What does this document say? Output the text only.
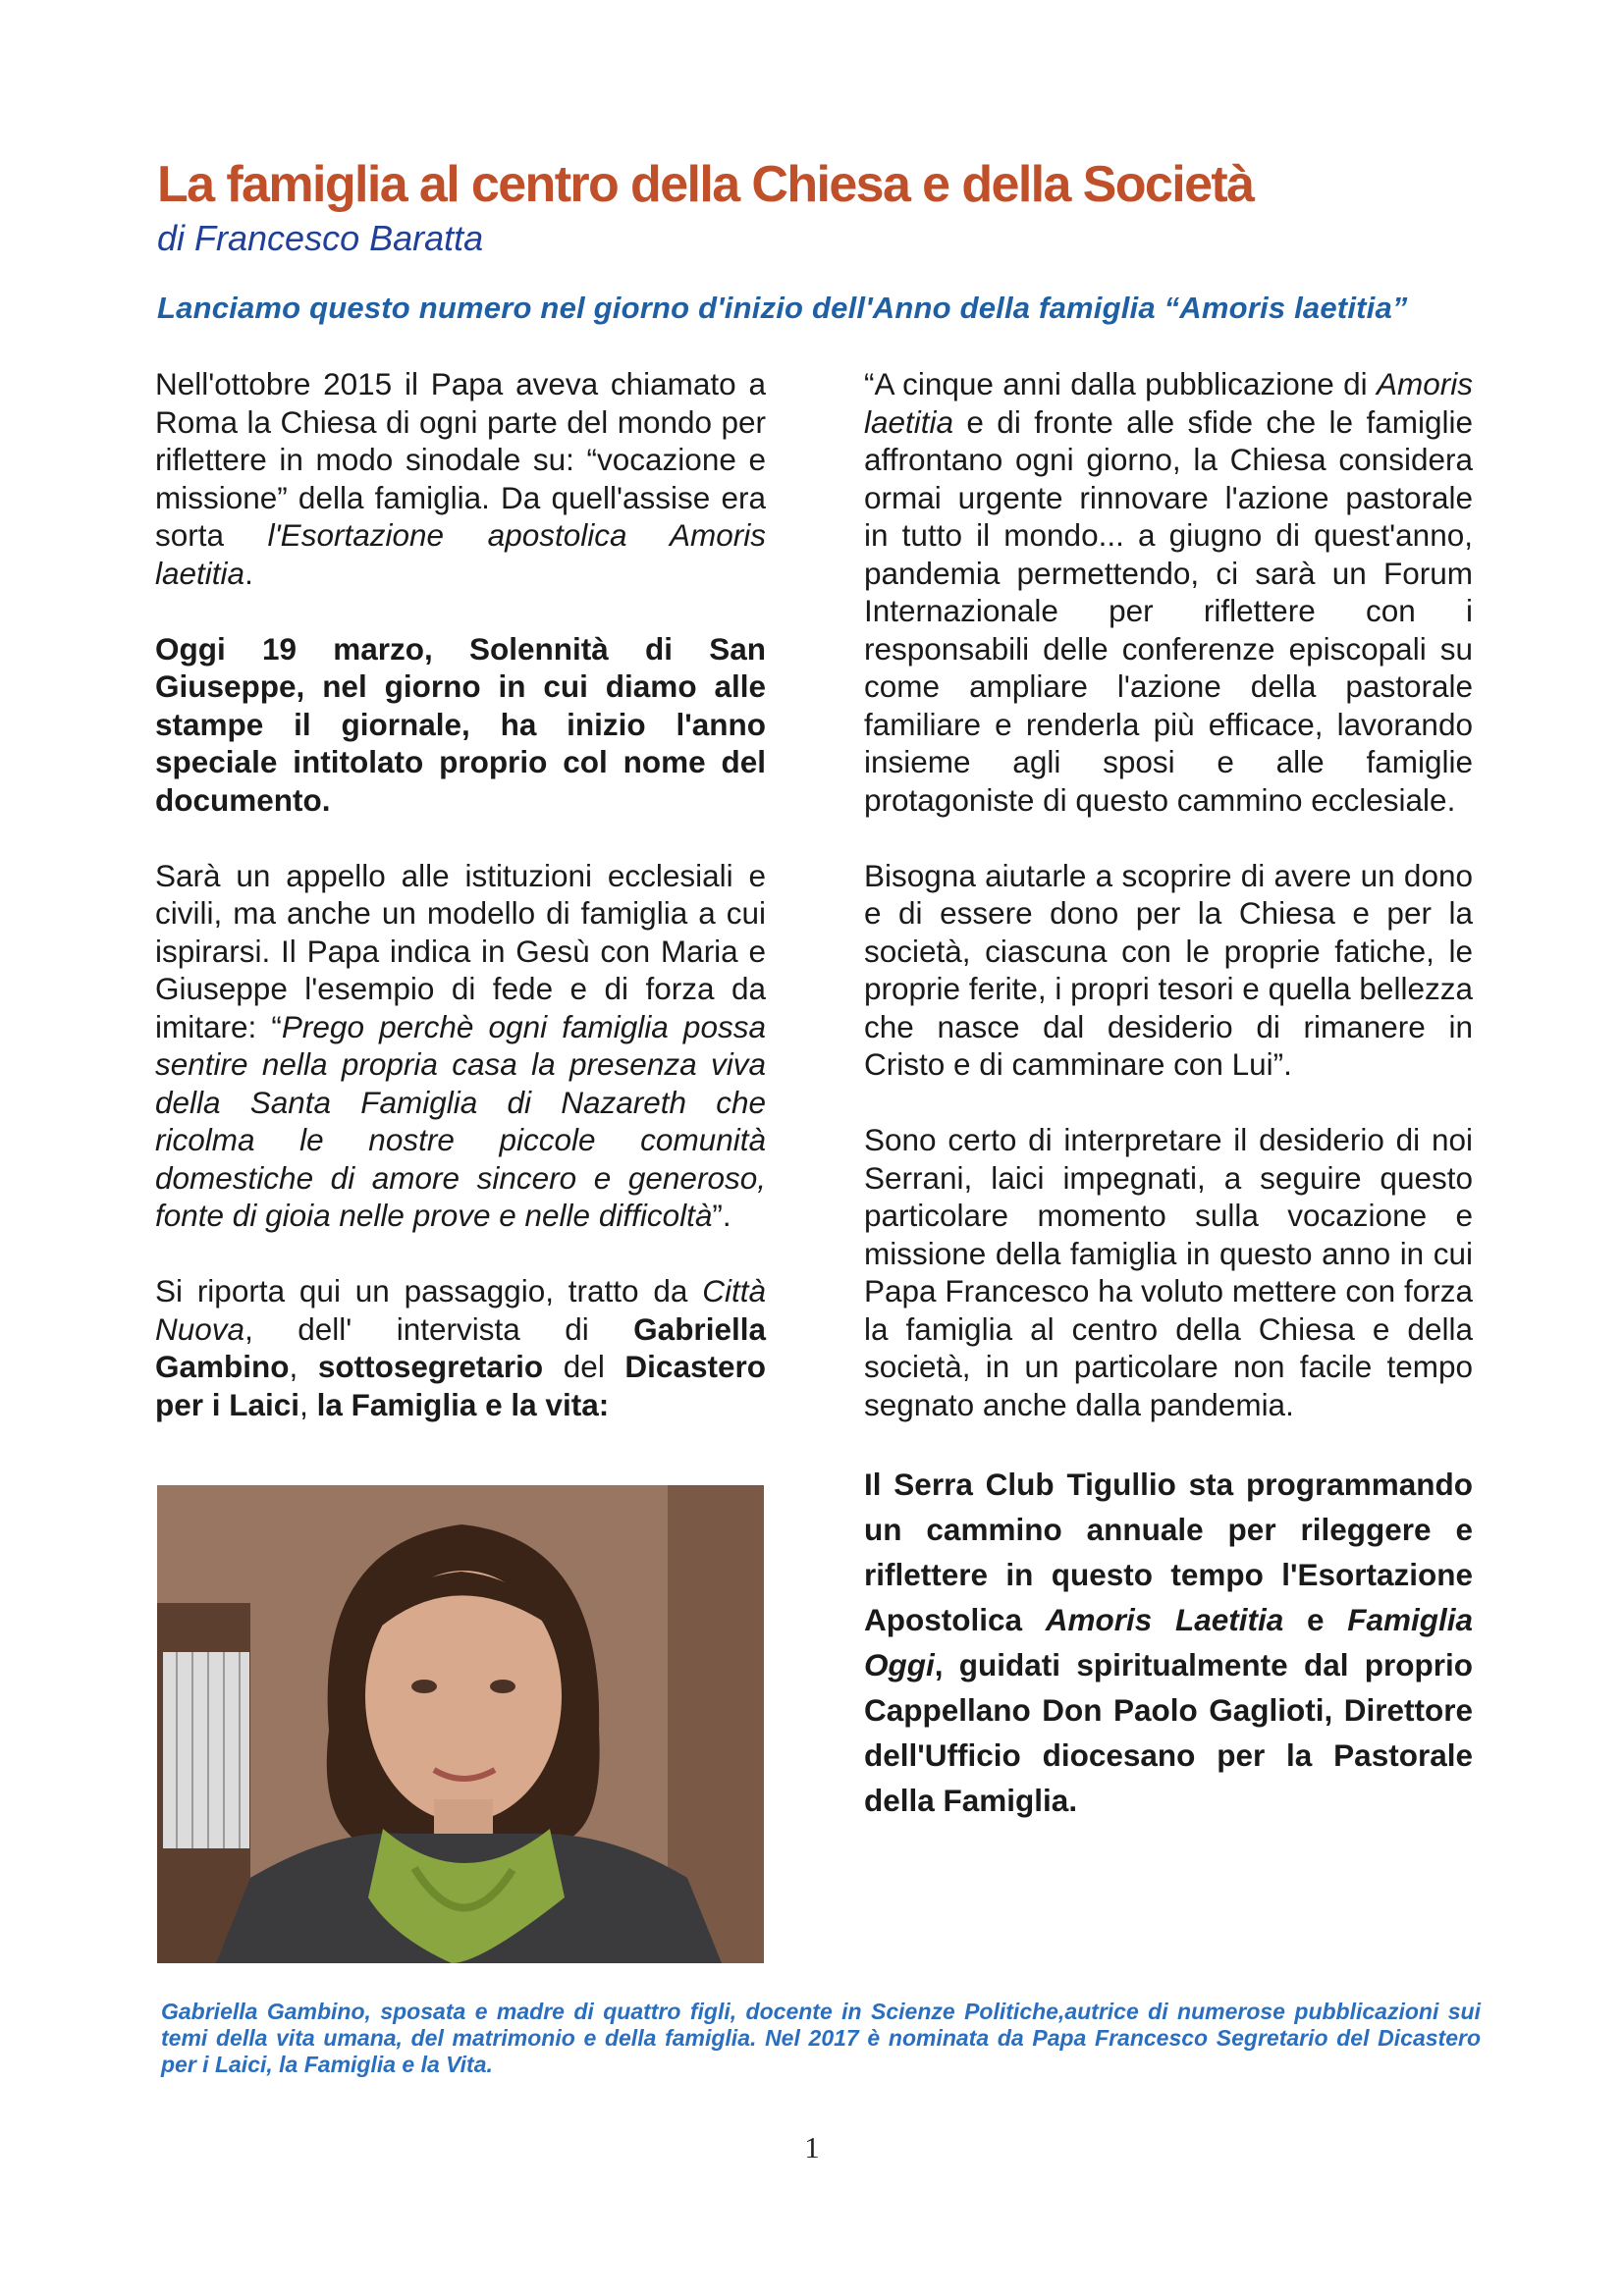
La famiglia al centro della Chiesa e della Società
di Francesco Baratta
Lanciamo questo numero nel giorno d'inizio dell'Anno della famiglia “Amoris laetitia”

Nell'ottobre 2015 il Papa aveva chiamato a Roma la Chiesa di ogni parte del mondo per riflettere in modo sinodale su: “vocazione e missione” della famiglia. Da quell'assise era sorta l'Esortazione apostolica Amoris laetitia.

Oggi 19 marzo, Solennità di San Giuseppe, nel giorno in cui diamo alle stampe il giornale, ha inizio l'anno speciale intitolato proprio col nome del documento.

Sarà un appello alle istituzioni ecclesiali e civili, ma anche un modello di famiglia a cui ispirarsi. Il Papa indica in Gesù con Maria e Giuseppe l'esempio di fede e di forza da imitare: “Prego perchè ogni famiglia possa sentire nella propria casa la presenza viva della Santa Famiglia di Nazareth che ricolma le nostre piccole comunità domestiche di amore sincero e generoso, fonte di gioia nelle prove e nelle difficoltà”.

Si riporta qui un passaggio, tratto da Città Nuova, dell' intervista di Gabriella Gambino, sottosegretario del Dicastero per i Laici, la Famiglia e la vita:

“A cinque anni dalla pubblicazione di Amoris laetitia e di fronte alle sfide che le famiglie affrontano ogni giorno, la Chiesa considera ormai urgente rinnovare l'azione pastorale in tutto il mondo... a giugno di quest'anno, pandemia permettendo, ci sarà un Forum Internazionale per riflettere con i responsabili delle conferenze episcopali su come ampliare l'azione della pastorale familiare e renderla più efficace, lavorando insieme agli sposi e alle famiglie protagoniste di questo cammino ecclesiale.

Bisogna aiutarle a scoprire di avere un dono e di essere dono per la Chiesa e per la società, ciascuna con le proprie fatiche, le proprie ferite, i propri tesori e quella bellezza che nasce dal desiderio di rimanere in Cristo e di camminare con Lui”.

Sono certo di interpretare il desiderio di noi Serrani, laici impegnati, a seguire questo particolare momento sulla vocazione e missione della famiglia in questo anno in cui Papa Francesco ha voluto mettere con forza la famiglia al centro della Chiesa e della società, in un particolare non facile tempo segnato anche dalla pandemia.

Il Serra Club Tigullio sta programmando un cammino annuale per rileggere e riflettere in questo tempo l'Esortazione Apostolica Amoris Laetitia e Famiglia Oggi, guidati spiritualmente dal proprio Cappellano Don Paolo Gaglioti, Direttore dell'Ufficio diocesano per la Pastorale della Famiglia.

Gabriella Gambino, sposata e madre di quattro figli, docente in Scienze Politiche,autrice di numerose pubblicazioni sui temi della vita umana, del matrimonio e della famiglia. Nel 2017 è nominata da Papa Francesco Segretario del Dicastero per i Laici, la Famiglia e la Vita.
1
